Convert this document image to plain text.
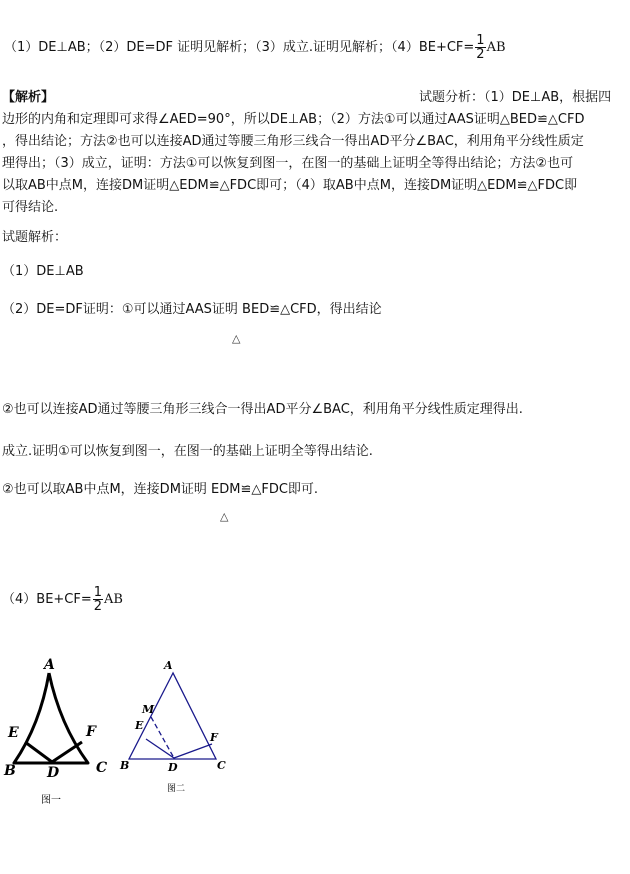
（1）DE⊥AB；（2）DE=DF 证明见解析；（3）成立.证明见解析；$(4)BE+CF= \frac{1}{2}$ AB
【解析】	试题分析：（1）DE⊥AB，根据四
边形的内角和定理即可求得∠AED=90°，所以DE⊥AB；（2）方法①可以通过AAS证明△BED≌△CFD
，得出结论；方法②也可以连接AD通过等腰三角形三线合一得出AD平分∠BAC，利用角平分线性质定
理得出；（3）成立，证明：方法①可以恢复到图一，在图一的基础上证明全等得出结论；方法②也可
以取AB中点M，连接DM证明△EDM≌△FDC即可；（4）取AB中点M，连接DM证明△EDM≌△FDC即
可得结论.
试题解析：
（1）DE⊥AB
（2）DE=DF证明：①可以通过AAS证明 BED≌△CFD，得出结论
△
②也可以连接AD通过等腰三角形三线合一得出AD平分∠BAC，利用角平分线性质定理得出.
成立.证明①可以恢复到图一，在图一的基础上证明全等得出结论.
②也可以取AB中点M，连接DM证明 EDM≌△FDC即可.
△
$(4)BE+CF= \frac{1}{2}$ AB
A
E	F
B D	C
图一
A
M
E
F
B	D	C
图二
